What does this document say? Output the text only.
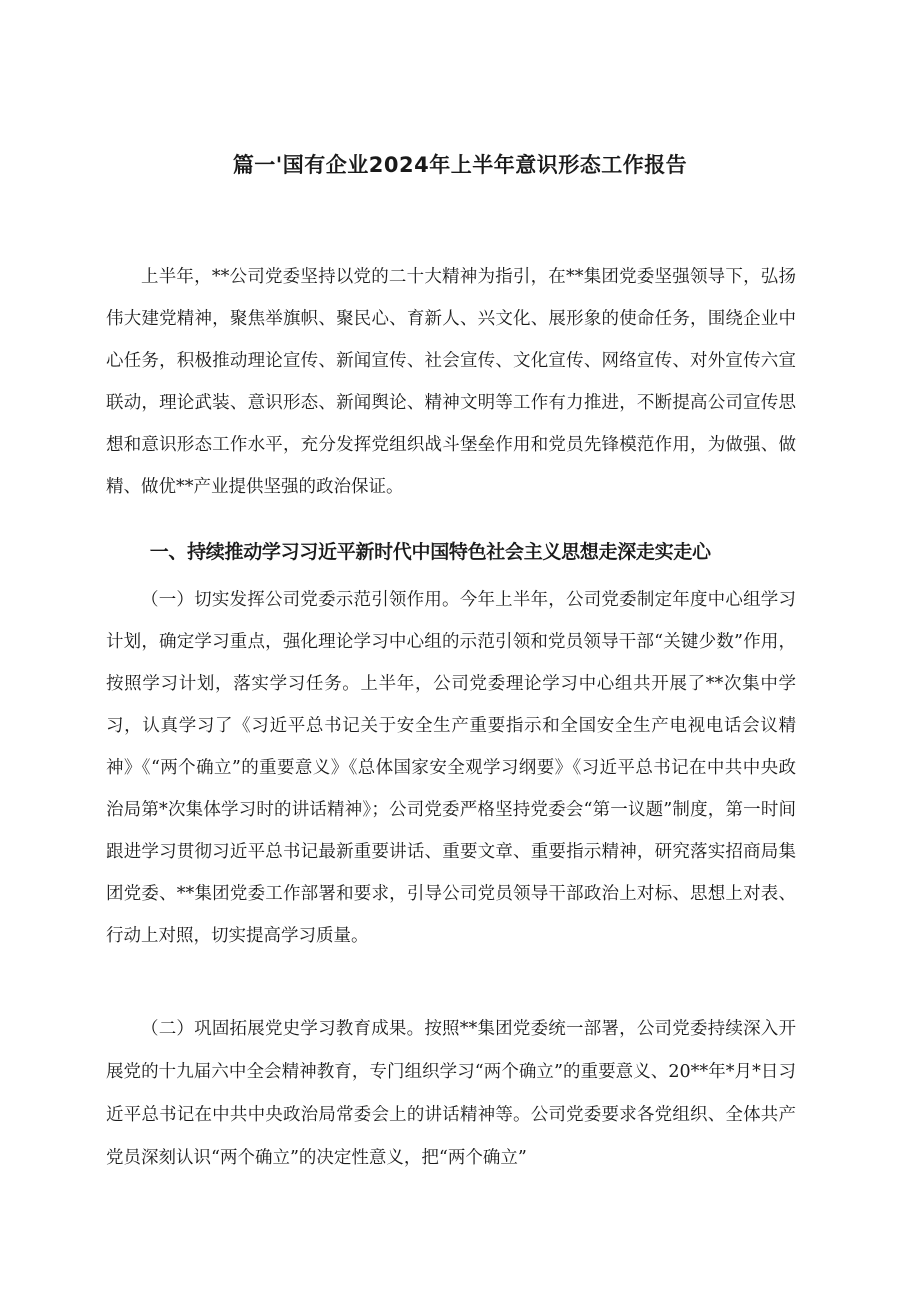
篇一'国有企业2024年上半年意识形态工作报告

上半年，**公司党委坚持以党的二十大精神为指引，在**集团党委坚强领导下，弘扬伟大建党精神，聚焦举旗帜、聚民心、育新人、兴文化、展形象的使命任务，围绕企业中心任务，积极推动理论宣传、新闻宣传、社会宣传、文化宣传、网络宣传、对外宣传六宣联动，理论武装、意识形态、新闻舆论、精神文明等工作有力推进，不断提高公司宣传思想和意识形态工作水平，充分发挥党组织战斗堡垒作用和党员先锋模范作用，为做强、做精、做优**产业提供坚强的政治保证。

一、持续推动学习习近平新时代中国特色社会主义思想走深走实走心

（一）切实发挥公司党委示范引领作用。今年上半年，公司党委制定年度中心组学习计划，确定学习重点，强化理论学习中心组的示范引领和党员领导干部“关键少数”作用，按照学习计划，落实学习任务。上半年，公司党委理论学习中心组共开展了**次集中学习，认真学习了《习近平总书记关于安全生产重要指示和全国安全生产电视电话会议精神》《“两个确立”的重要意义》《总体国家安全观学习纲要》《习近平总书记在中共中央政治局第*次集体学习时的讲话精神》；公司党委严格坚持党委会“第一议题”制度，第一时间跟进学习贯彻习近平总书记最新重要讲话、重要文章、重要指示精神，研究落实招商局集团党委、**集团党委工作部署和要求，引导公司党员领导干部政治上对标、思想上对表、行动上对照，切实提高学习质量。

（二）巩固拓展党史学习教育成果。按照**集团党委统一部署，公司党委持续深入开展党的十九届六中全会精神教育，专门组织学习“两个确立”的重要意义、20**年*月*日习近平总书记在中共中央政治局常委会上的讲话精神等。公司党委要求各党组织、全体共产党员深刻认识“两个确立”的决定性意义，把“两个确立”
